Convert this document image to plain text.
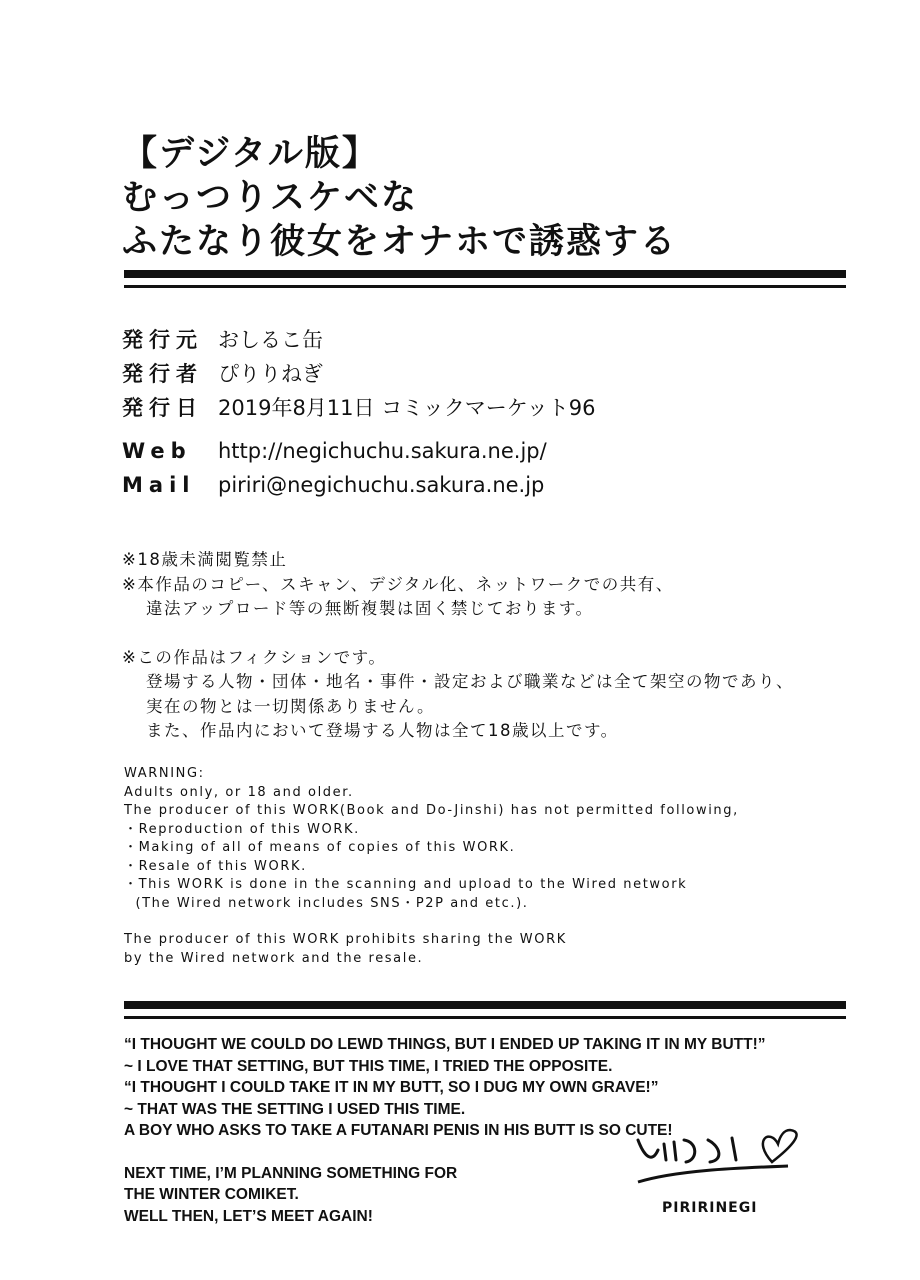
【デジタル版】
むっつりスケベな
ふたなり彼女をオナホで誘惑する
発行元 おしるこ缶
発行者 ぴりりねぎ
発行日 2019年8月11日 コミックマーケット96
Web	http://negichuchu.sakura.ne.jp/
Mail	piriri@negichuchu.sakura.ne.jp
※18歳未満閲覧禁止
※本作品のコピー、スキャン、デジタル化、ネットワークでの共有、
違法アップロード等の無断複製は固く禁じております。
※この作品はフィクションです。
登場する人物・団体・地名・事件・設定および職業などは全て架空の物であり、
実在の物とは一切関係ありません。
また、作品内において登場する人物は全て18歳以上です。
WARNING:
Adults only, or 18 and older.
The producer of this WORK(Book and Do-Jinshi) has not permitted following,
・Reproduction of this WORK.
・Making of all of means of copies of this WORK.
・Resale of this WORK.
・This WORK is done in the scanning and upload to the Wired network
(The Wired network includes SNS・P2P and etc.).
The producer of this WORK prohibits sharing the WORK
by the Wired network and the resale.
“I THOUGHT WE COULD DO LEWD THINGS, BUT I ENDED UP TAKING IT IN MY BUTT!”
~ I LOVE THAT SETTING, BUT THIS TIME, I TRIED THE OPPOSITE.
“I THOUGHT I COULD TAKE IT IN MY BUTT, SO I DUG MY OWN GRAVE!”
~ THAT WAS THE SETTING I USED THIS TIME.
A BOY WHO ASKS TO TAKE A FUTANARI PENIS IN HIS BUTT IS SO CUTE!
NEXT TIME, I’M PLANNING SOMETHING FOR
THE WINTER COMIKET.
WELL THEN, LET’S MEET AGAIN!	PIRIRINEGI
